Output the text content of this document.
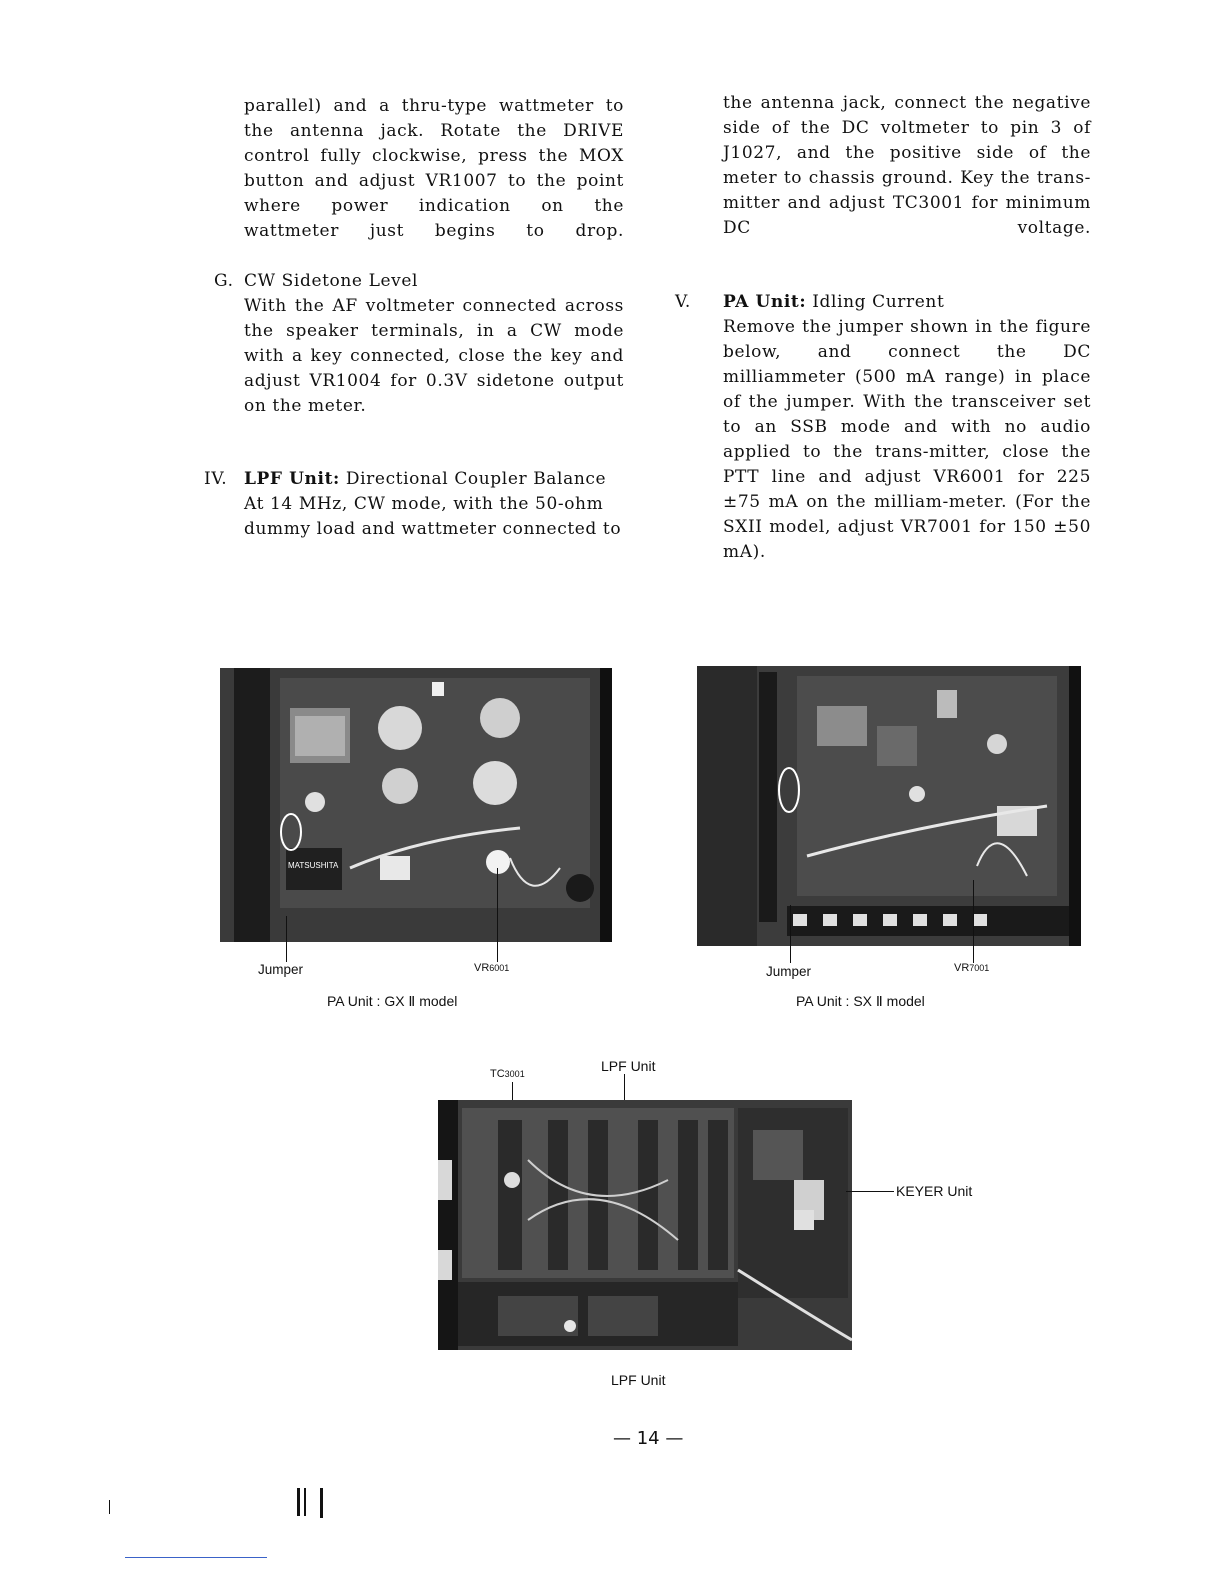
parallel) and a thru-type wattmeter to the antenna jack. Rotate the DRIVE control fully clockwise, press the MOX button and adjust VR1007 to the point where power indication on the wattmeter just begins to drop.

G. CW Sidetone Level

With the AF voltmeter connected across the speaker terminals, in a CW mode with a key connected, close the key and adjust VR1004 for 0.3V sidetone output on the meter.

IV. LPF Unit: Directional Coupler Balance

At 14 MHz, CW mode, with the 50-ohm dummy load and wattmeter connected to

the antenna jack, connect the negative side of the DC voltmeter to pin 3 of J1027, and the positive side of the meter to chassis ground. Key the trans-mitter and adjust TC3001 for minimum DC voltage.

V. PA Unit: Idling Current

Remove the jumper shown in the figure below, and connect the DC milliammeter (500 mA range) in place of the jumper. With the transceiver set to an SSB mode and with no audio applied to the trans-mitter, close the PTT line and adjust VR6001 for 225 ±75 mA on the milliam-meter. (For the SXII model, adjust VR7001 for 150 ±50 mA).

MATSUSHITA
Jumper	VR6001
PA Unit : GX Ⅱ model
Jumper	VR7001
PA Unit : SX Ⅱ model
TC3001	LPF Unit
KEYER Unit
LPF Unit
— 14 —
